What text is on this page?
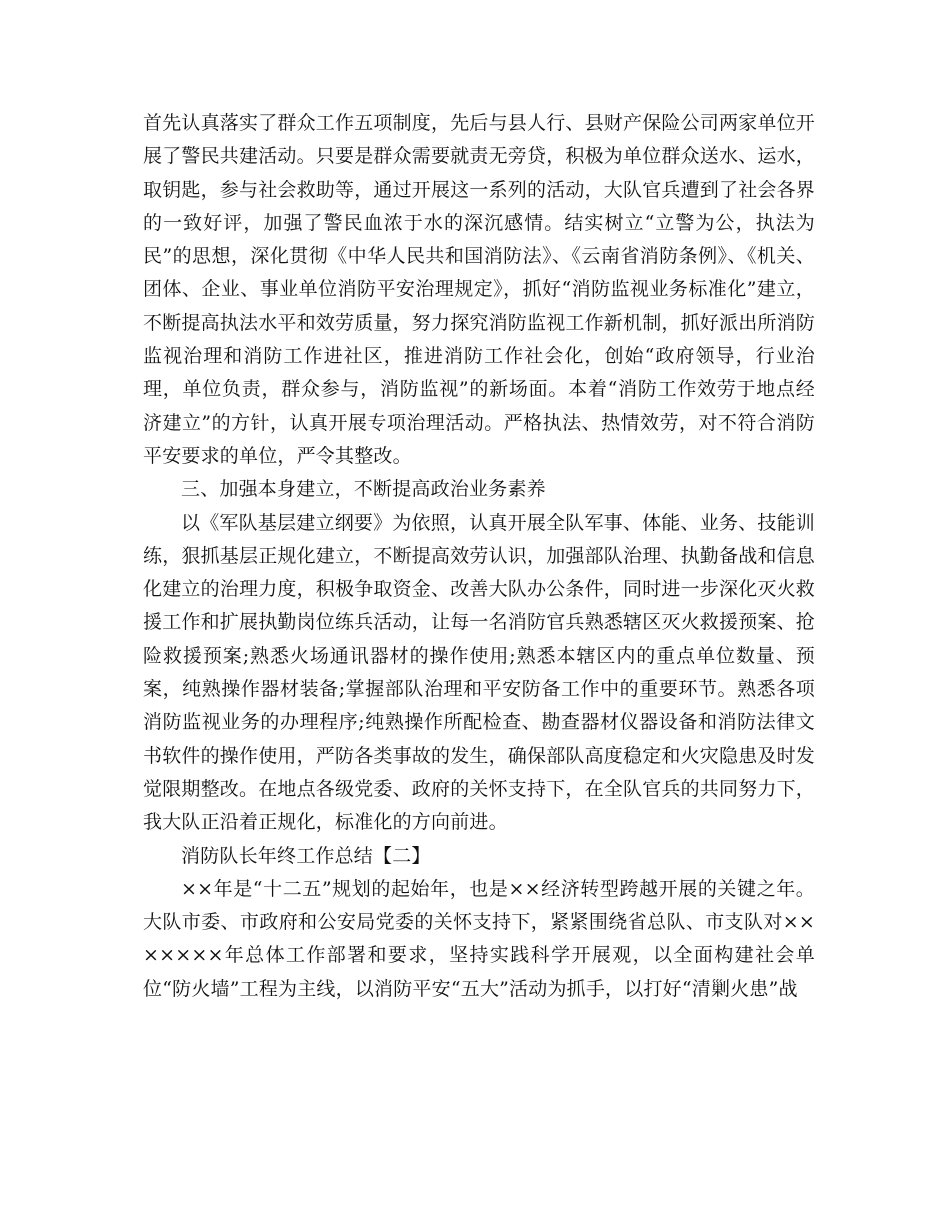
首先认真落实了群众工作五项制度，先后与县人行、县财产保险公司两家单位开展了警民共建活动。只要是群众需要就责无旁贷，积极为单位群众送水、运水，取钥匙，参与社会救助等，通过开展这一系列的活动，大队官兵遭到了社会各界的一致好评，加强了警民血浓于水的深沉感情。结实树立“立警为公，执法为民”的思想，深化贯彻《中华人民共和国消防法》、《云南省消防条例》、《机关、团体、企业、事业单位消防平安治理规定》，抓好“消防监视业务标准化”建立，不断提高执法水平和效劳质量，努力探究消防监视工作新机制，抓好派出所消防监视治理和消防工作进社区，推进消防工作社会化，创始“政府领导，行业治理，单位负责，群众参与，消防监视”的新场面。本着“消防工作效劳于地点经济建立”的方针，认真开展专项治理活动。严格执法、热情效劳，对不符合消防平安要求的单位，严令其整改。

三、加强本身建立，不断提高政治业务素养

以《军队基层建立纲要》为依照，认真开展全队军事、体能、业务、技能训练，狠抓基层正规化建立，不断提高效劳认识，加强部队治理、执勤备战和信息化建立的治理力度，积极争取资金、改善大队办公条件，同时进一步深化灭火救援工作和扩展执勤岗位练兵活动，让每一名消防官兵熟悉辖区灭火救援预案、抢险救援预案;熟悉火场通讯器材的操作使用;熟悉本辖区内的重点单位数量、预案，纯熟操作器材装备;掌握部队治理和平安防备工作中的重要环节。熟悉各项消防监视业务的办理程序;纯熟操作所配检查、勘查器材仪器设备和消防法律文书软件的操作使用，严防各类事故的发生，确保部队高度稳定和火灾隐患及时发觉限期整改。在地点各级党委、政府的关怀支持下，在全队官兵的共同努力下，我大队正沿着正规化，标准化的方向前进。

消防队长年终工作总结【二】

××年是“十二五”规划的起始年，也是××经济转型跨越开展的关键之年。大队市委、市政府和公安局党委的关怀支持下，紧紧围绕省总队、市支队对×××××××年总体工作部署和要求，坚持实践科学开展观，以全面构建社会单位“防火墙”工程为主线，以消防平安“五大”活动为抓手，以打好“清剿火患”战
